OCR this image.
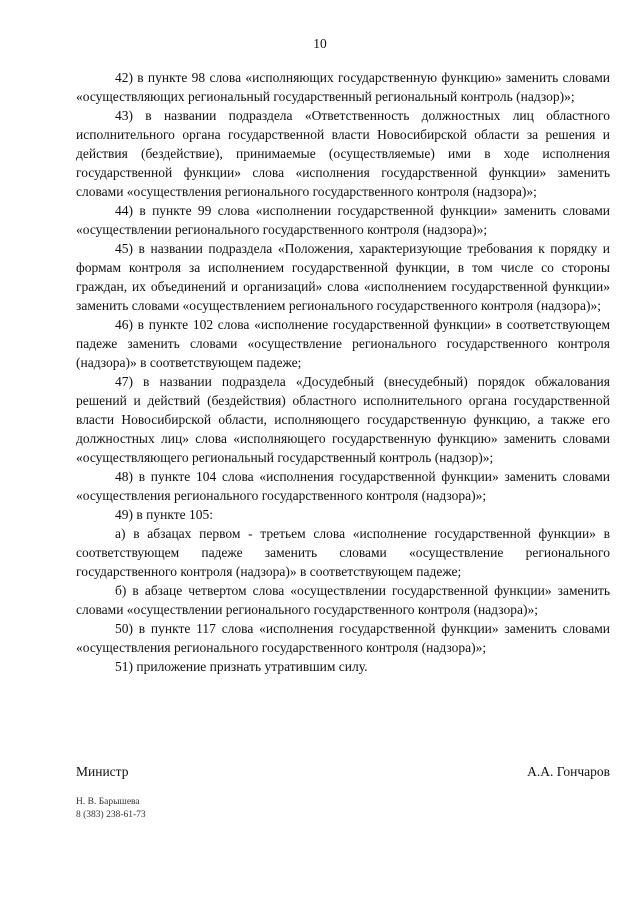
10

42) в пункте 98 слова «исполняющих государственную функцию» заменить словами «осуществляющих региональный государственный региональный контроль (надзор)»;

43) в названии подраздела «Ответственность должностных лиц областного исполнительного органа государственной власти Новосибирской области за решения и действия (бездействие), принимаемые (осуществляемые) ими в ходе исполнения государственной функции» слова «исполнения государственной функции» заменить словами «осуществления регионального государственного контроля (надзора)»;

44) в пункте 99 слова «исполнении государственной функции» заменить словами «осуществлении регионального государственного контроля (надзора)»;

45) в названии подраздела «Положения, характеризующие требования к порядку и формам контроля за исполнением государственной функции, в том числе со стороны граждан, их объединений и организаций» слова «исполнением государственной функции» заменить словами «осуществлением регионального государственного контроля (надзора)»;

46) в пункте 102 слова «исполнение государственной функции» в соответствующем падеже заменить словами «осуществление регионального государственного контроля (надзора)» в соответствующем падеже;

47) в названии подраздела «Досудебный (внесудебный) порядок обжалования решений и действий (бездействия) областного исполнительного органа государственной власти Новосибирской области, исполняющего государственную функцию, а также его должностных лиц» слова «исполняющего государственную функцию» заменить словами «осуществляющего региональный государственный контроль (надзор)»;

48) в пункте 104 слова «исполнения государственной функции» заменить словами «осуществления регионального государственного контроля (надзора)»;

49) в пункте 105:

а) в абзацах первом - третьем слова «исполнение государственной функции» в соответствующем падеже заменить словами «осуществление регионального государственного контроля (надзора)» в соответствующем падеже;

б) в абзаце четвертом слова «осуществлении государственной функции» заменить словами «осуществлении регионального государственного контроля (надзора)»;

50) в пункте 117 слова «исполнения государственной функции» заменить словами «осуществления регионального государственного контроля (надзора)»;

51) приложение признать утратившим силу.

Министр	А.А. Гончаров
Н. В. Барышева
8 (383) 238-61-73
